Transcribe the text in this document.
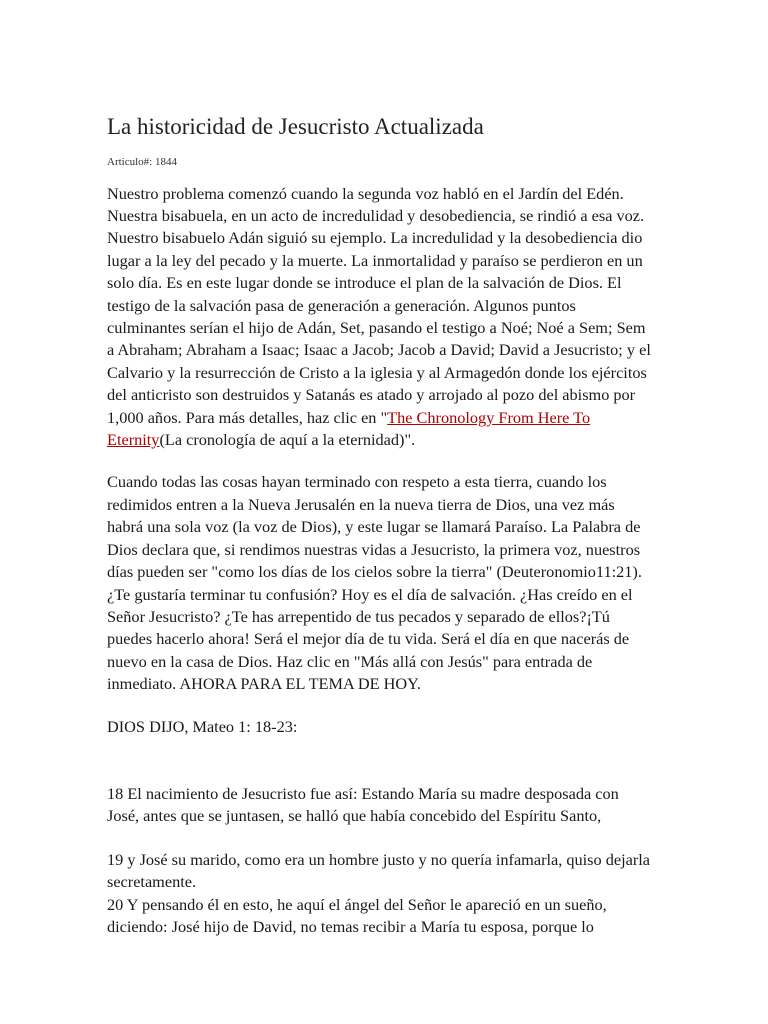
La historicidad de Jesucristo Actualizada
Articulo#: 1844

Nuestro problema comenzó cuando la segunda voz habló en el Jardín del Edén. Nuestra bisabuela, en un acto de incredulidad y desobediencia, se rindió a esa voz. Nuestro bisabuelo Adán siguió su ejemplo. La incredulidad y la desobediencia dio lugar a la ley del pecado y la muerte. La inmortalidad y paraíso se perdieron en un solo día. Es en este lugar donde se introduce el plan de la salvación de Dios. El testigo de la salvación pasa de generación a generación. Algunos puntos culminantes serían el hijo de Adán, Set, pasando el testigo a Noé; Noé a Sem; Sem a Abraham; Abraham a Isaac; Isaac a Jacob; Jacob a David; David a Jesucristo; y el Calvario y la resurrección de Cristo a la iglesia y al Armagedón donde los ejércitos del anticristo son destruidos y Satanás es atado y arrojado al pozo del abismo por 1,000 años. Para más detalles, haz clic en "The Chronology From Here To Eternity(La cronología de aquí a la eternidad)".

Cuando todas las cosas hayan terminado con respeto a esta tierra, cuando los redimidos entren a la Nueva Jerusalén en la nueva tierra de Dios, una vez más habrá una sola voz (la voz de Dios), y este lugar se llamará Paraíso. La Palabra de Dios declara que, si rendimos nuestras vidas a Jesucristo, la primera voz, nuestros días pueden ser "como los días de los cielos sobre la tierra" (Deuteronomio11:21). ¿Te gustaría terminar tu confusión? Hoy es el día de salvación. ¿Has creído en el Señor Jesucristo? ¿Te has arrepentido de tus pecados y separado de ellos?¡Tú puedes hacerlo ahora! Será el mejor día de tu vida. Será el día en que nacerás de nuevo en la casa de Dios. Haz clic en "Más allá con Jesús" para entrada de inmediato. AHORA PARA EL TEMA DE HOY.

DIOS DIJO, Mateo 1: 18-23:

18 El nacimiento de Jesucristo fue así: Estando María su madre desposada con José, antes que se juntasen, se halló que había concebido del Espíritu Santo,

19 y José su marido, como era un hombre justo y no quería infamarla, quiso dejarla secretamente.

20 Y pensando él en esto, he aquí el ángel del Señor le apareció en un sueño, diciendo: José hijo de David, no temas recibir a María tu esposa, porque lo
